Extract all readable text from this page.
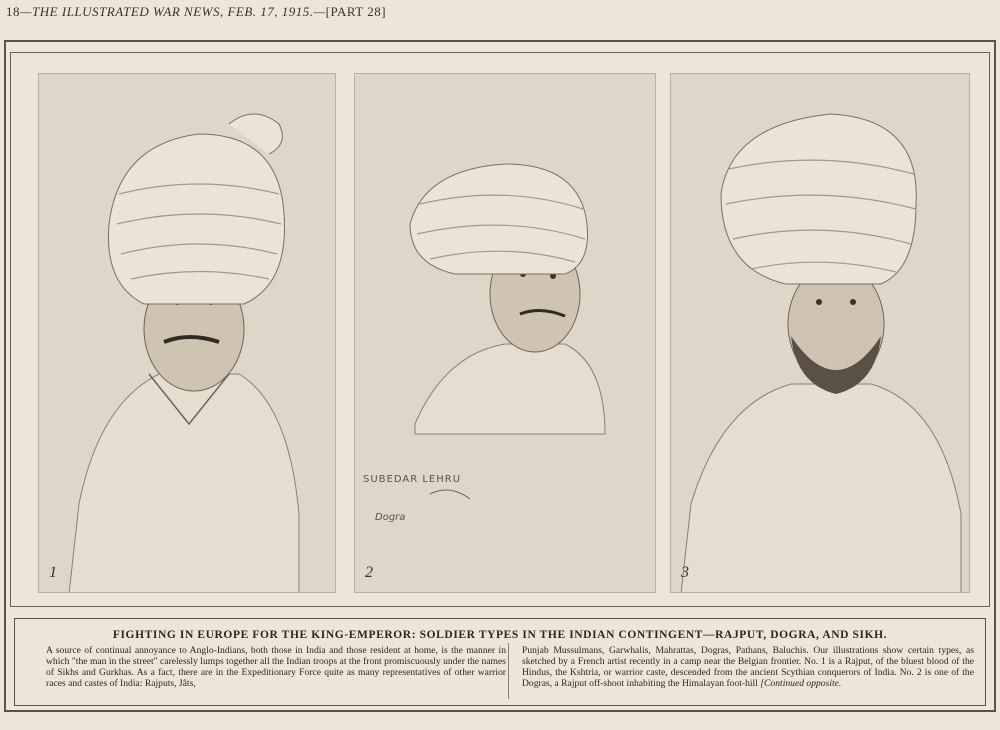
18—THE ILLUSTRATED WAR NEWS, FEB. 17, 1915.—[PART 28]
1
SUBEDAR LEHRU
Dogra
2	3
FIGHTING IN EUROPE FOR THE KING-EMPEROR: SOLDIER TYPES IN THE INDIAN CONTINGENT—RAJPUT, DOGRA, AND SIKH.
A source of continual annoyance to Anglo-Indians, both those in India and those resident at home, is the manner in which "the man in the street" carelessly lumps together all the Indian troops at the front promiscuously under the names of Sikhs and Gurkhas. As a fact, there are in the Expeditionary Force quite as many representatives of other warrior races and castes of India: Rajputs, Jâts,
Punjab Mussulmans, Garwhalis, Mahrattas, Dogras, Pathans, Baluchis. Our illustrations show certain types, as sketched by a French artist recently in a camp near the Belgian frontier. No. 1 is a Rajput, of the bluest blood of the Hindus, the Kshtria, or warrior caste, descended from the ancient Scythian conquerors of India. No. 2 is one of the Dogras, a Rajput off-shoot inhabiting the Himalayan foot-hill [Continued opposite.
